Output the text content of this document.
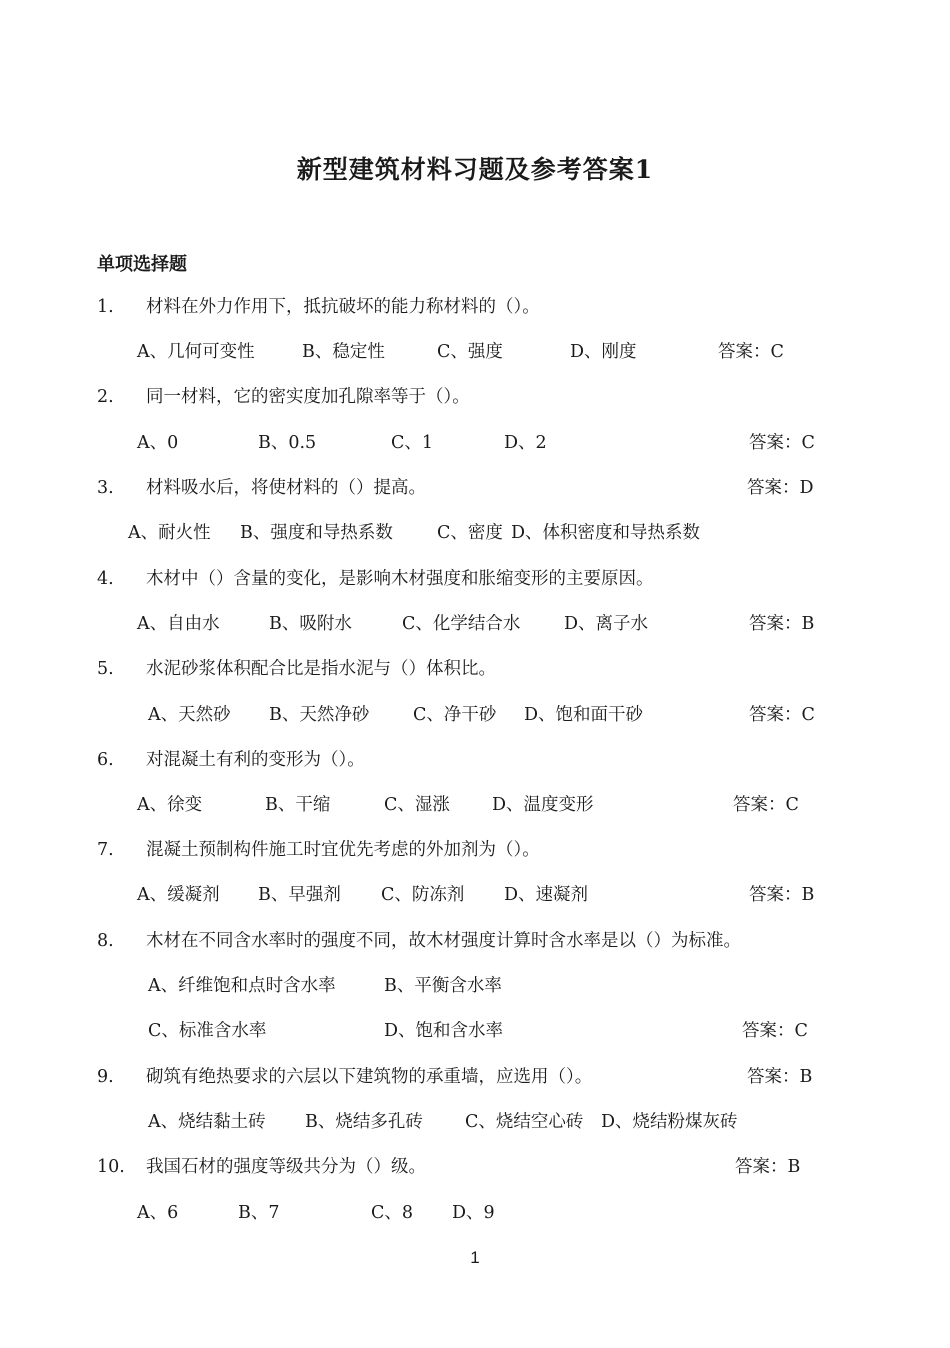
新型建筑材料习题及参考答案1
单项选择题
1. 材料在外力作用下，抵抗破坏的能力称材料的（）。
A、几何可变性	B、稳定性	C、强度	D、刚度	答案：C
2. 同一材料，它的密实度加孔隙率等于（）。
A、0	B、0.5	C、1	D、2	答案：C
3. 材料吸水后，将使材料的（）提高。	答案：D
A、耐火性 B、强度和导热系数	C、密度 D、体积密度和导热系数
4. 木材中（）含量的变化，是影响木材强度和胀缩变形的主要原因。
A、自由水	B、吸附水	C、化学结合水 D、离子水	答案：B
5. 水泥砂浆体积配合比是指水泥与（）体积比。
A、天然砂 B、天然净砂 C、净干砂 D、饱和面干砂	答案：C
6. 对混凝土有利的变形为（）。
A、徐变	B、干缩	C、湿涨 D、温度变形	答案：C
7. 混凝土预制构件施工时宜优先考虑的外加剂为（）。
A、缓凝剂 B、早强剂 C、防冻剂 D、速凝剂	答案：B
8. 木材在不同含水率时的强度不同，故木材强度计算时含水率是以（）为标准。
A、纤维饱和点时含水率	B、平衡含水率
C、标准含水率	D、饱和含水率	答案：C
9. 砌筑有绝热要求的六层以下建筑物的承重墙，应选用（）。	答案：B
A、烧结黏土砖 B、烧结多孔砖 C、烧结空心砖 D、烧结粉煤灰砖
10. 我国石材的强度等级共分为（）级。	答案：B
A、6	B、7	C、8 D、9
1
